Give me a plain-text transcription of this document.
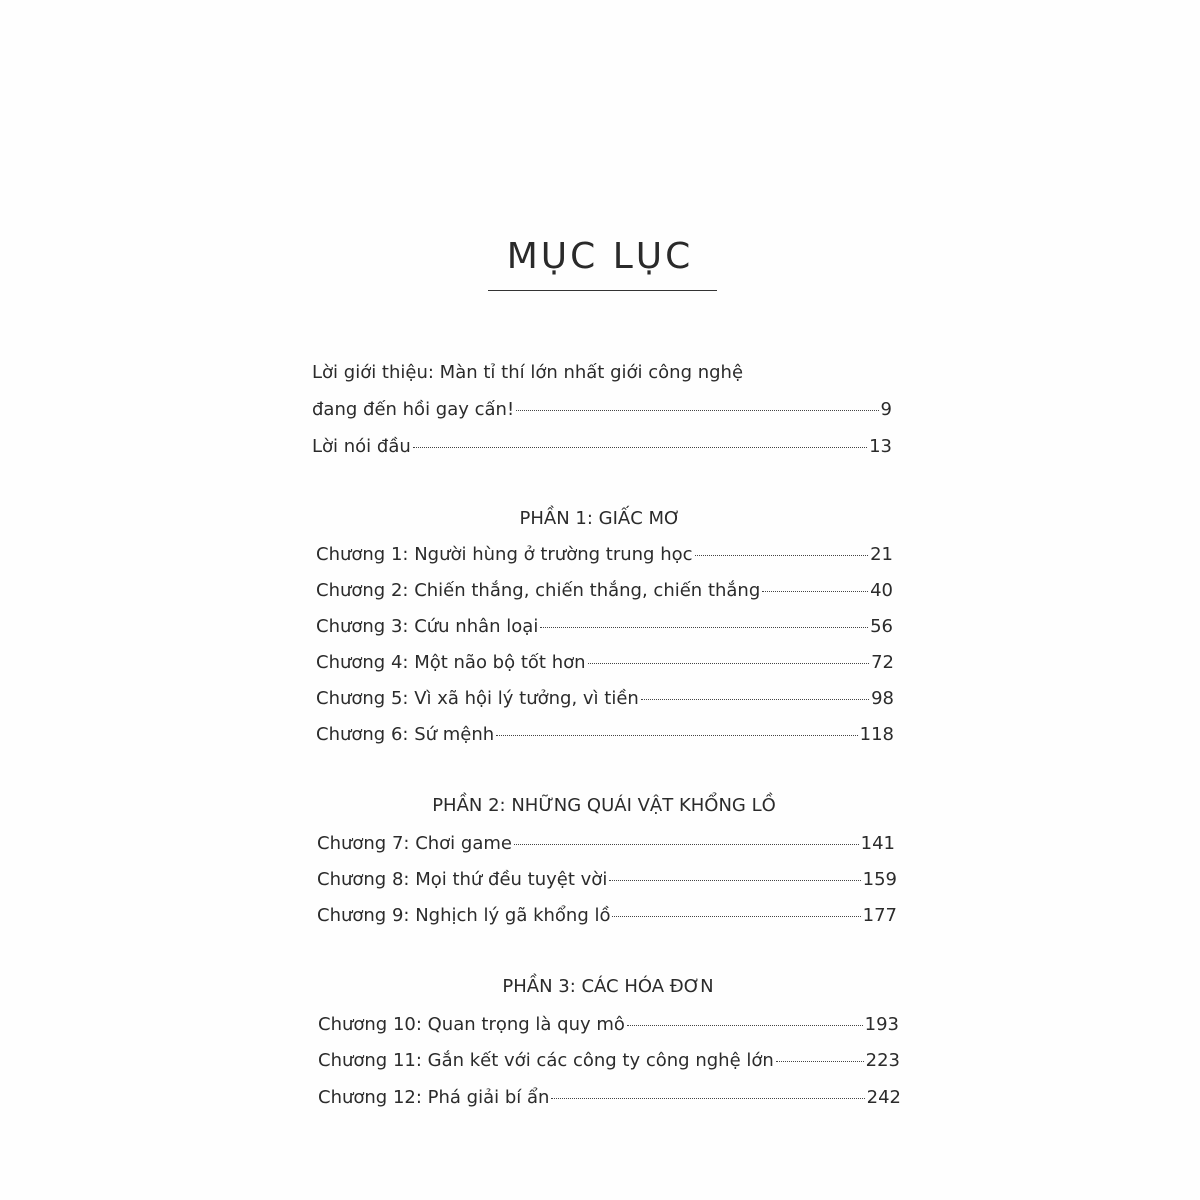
MỤC LỤC
Lời giới thiệu: Màn tỉ thí lớn nhất giới công nghệ
đang đến hồi gay cấn!	9
Lời nói đầu	13
PHẦN 1: GIẤC MƠ
Chương 1: Người hùng ở trường trung học	21
Chương 2: Chiến thắng, chiến thắng, chiến thắng	40
Chương 3: Cứu nhân loại	56
Chương 4: Một não bộ tốt hơn	72
Chương 5: Vì xã hội lý tưởng, vì tiền	98
Chương 6: Sứ mệnh	118
PHẦN 2: NHỮNG QUÁI VẬT KHỔNG LỒ
Chương 7: Chơi game	141
Chương 8: Mọi thứ đều tuyệt vời	159
Chương 9: Nghịch lý gã khổng lồ	177
PHẦN 3: CÁC HÓA ĐƠN
Chương 10: Quan trọng là quy mô	193
Chương 11: Gắn kết với các công ty công nghệ lớn	223
Chương 12: Phá giải bí ẩn	242
